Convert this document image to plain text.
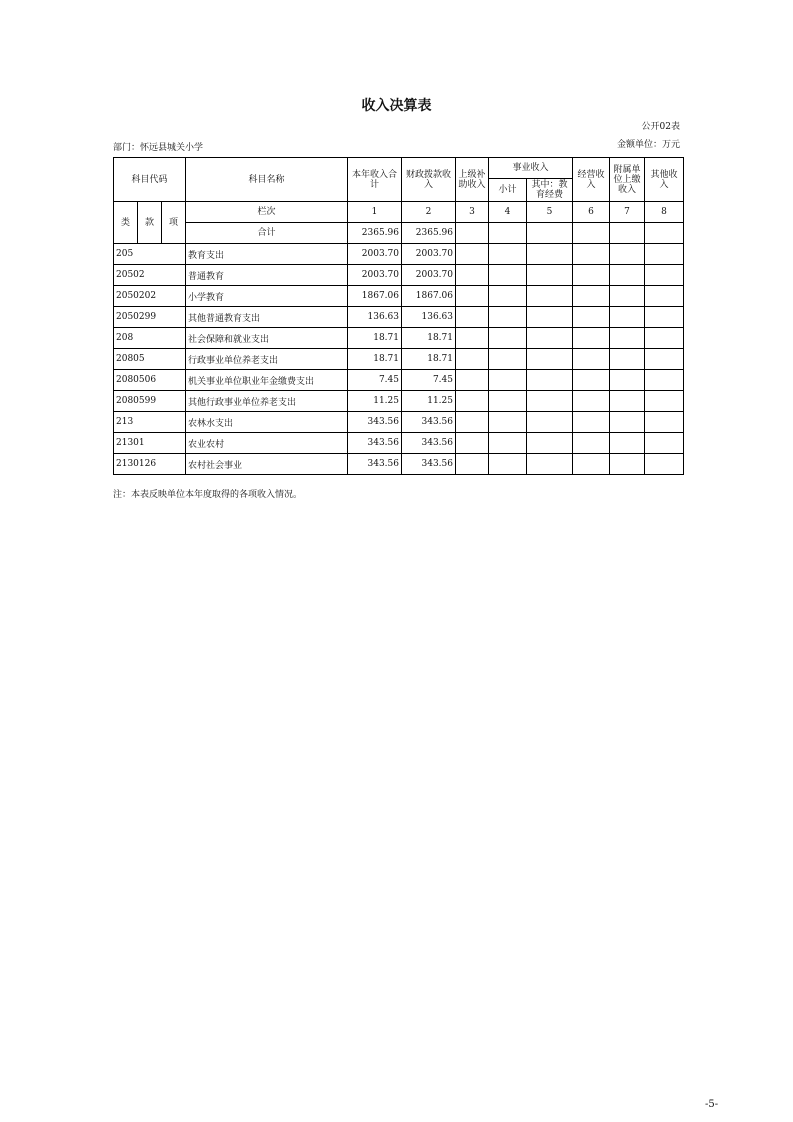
收入决算表
公开02表
部门：怀远县城关小学	金额单位：万元
科目代码			科目名称	本年收入合计	财政拨款收入	上级补助收入	事业收入		经营收入	附属单位上缴收入	其他收入
							小计	其中：教育经费			
类	款	项	栏次	1	2	3	4	5	6	7	8
			合计	2365.96	2365.96						
205			教育支出	2003.70	2003.70						
20502			普通教育	2003.70	2003.70						
2050202			小学教育	1867.06	1867.06						
2050299			其他普通教育支出	136.63	136.63						
208			社会保障和就业支出	18.71	18.71						
20805			行政事业单位养老支出	18.71	18.71						
2080506			机关事业单位职业年金缴费支出	7.45	7.45						
2080599			其他行政事业单位养老支出	11.25	11.25						
213			农林水支出	343.56	343.56						
21301			农业农村	343.56	343.56						
2130126			农村社会事业	343.56	343.56						
注：本表反映单位本年度取得的各项收入情况。
-5-
